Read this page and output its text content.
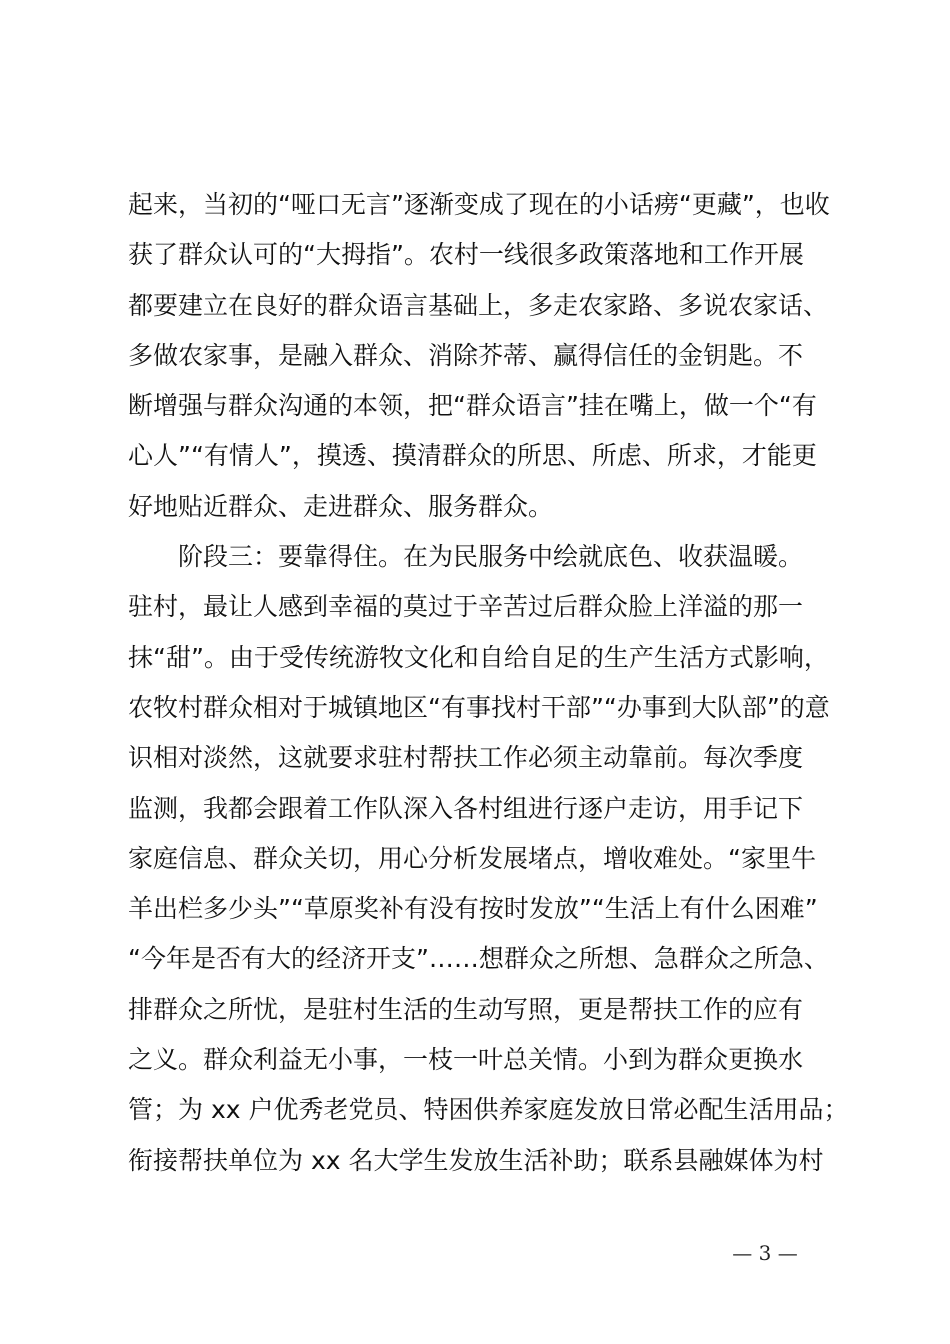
起来，当初的“哑口无言”逐渐变成了现在的小话痨“更藏”，也收
获了群众认可的“大拇指”。农村一线很多政策落地和工作开展
都要建立在良好的群众语言基础上，多走农家路、多说农家话、
多做农家事，是融入群众、消除芥蒂、赢得信任的金钥匙。不
断增强与群众沟通的本领，把“群众语言”挂在嘴上，做一个“有
心人”“有情人”，摸透、摸清群众的所思、所虑、所求，才能更
好地贴近群众、走进群众、服务群众。
阶段三：要靠得住。在为民服务中绘就底色、收获温暖。
驻村，最让人感到幸福的莫过于辛苦过后群众脸上洋溢的那一
抹“甜”。由于受传统游牧文化和自给自足的生产生活方式影响，
农牧村群众相对于城镇地区“有事找村干部”“办事到大队部”的意
识相对淡然，这就要求驻村帮扶工作必须主动靠前。每次季度
监测，我都会跟着工作队深入各村组进行逐户走访，用手记下
家庭信息、群众关切，用心分析发展堵点，增收难处。“家里牛
羊出栏多少头”“草原奖补有没有按时发放”“生活上有什么困难”
“今年是否有大的经济开支”……想群众之所想、急群众之所急、
排群众之所忧，是驻村生活的生动写照，更是帮扶工作的应有
之义。群众利益无小事，一枝一叶总关情。小到为群众更换水
管；为 xx 户优秀老党员、特困供养家庭发放日常必配生活用品；
衔接帮扶单位为 xx 名大学生发放生活补助；联系县融媒体为村
— 3 —
